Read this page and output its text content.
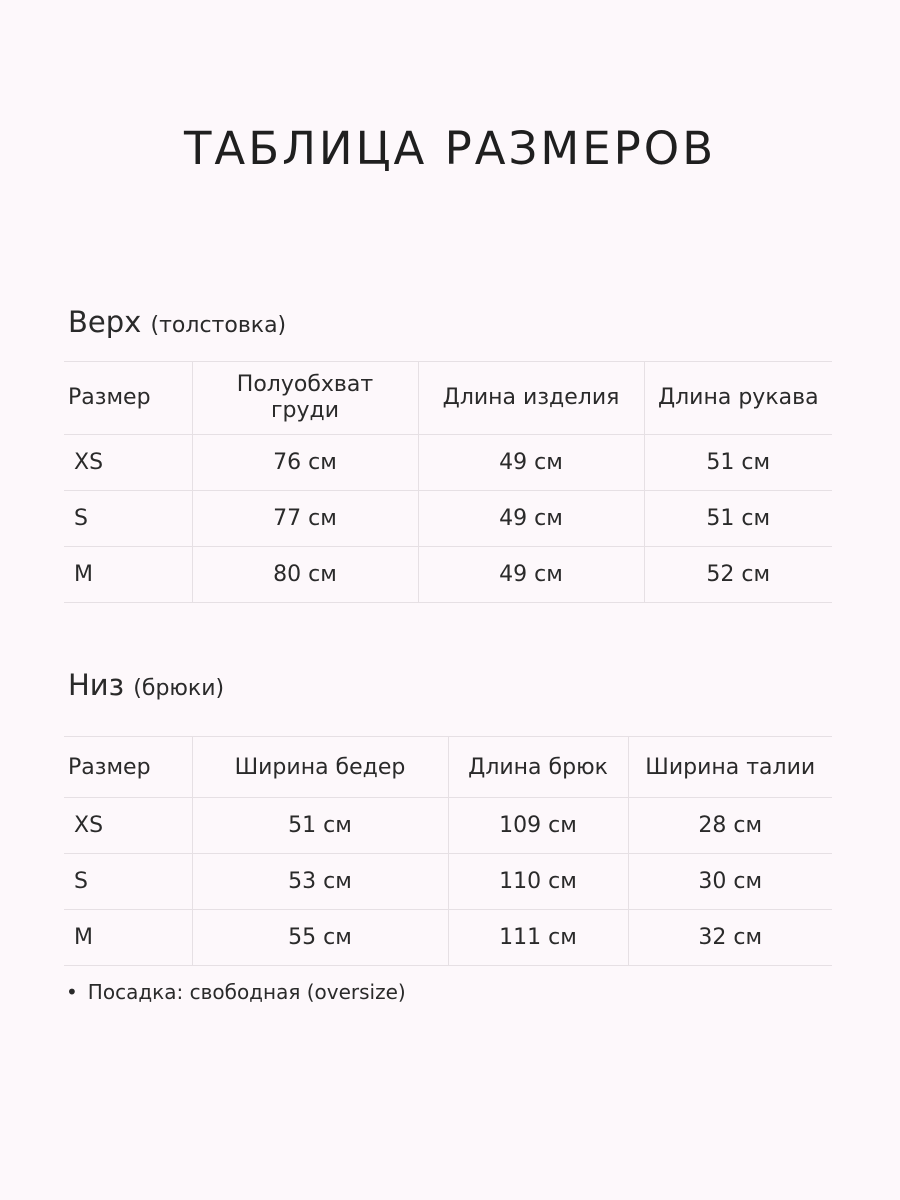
ТАБЛИЦА РАЗМЕРОВ
Верх (толстовка)
Размер	Полуобхват груди	Длина изделия	Длина рукава
XS	76 см	49 см	51 см
S	77 см	49 см	51 см
M	80 см	49 см	52 см
Низ (брюки)
Размер	Ширина бедер	Длина брюк	Ширина талии
XS	51 см	109 см	28 см
S	53 см	110 см	30 см
M	55 см	111 см	32 см

• Посадка: свободная (oversize)
